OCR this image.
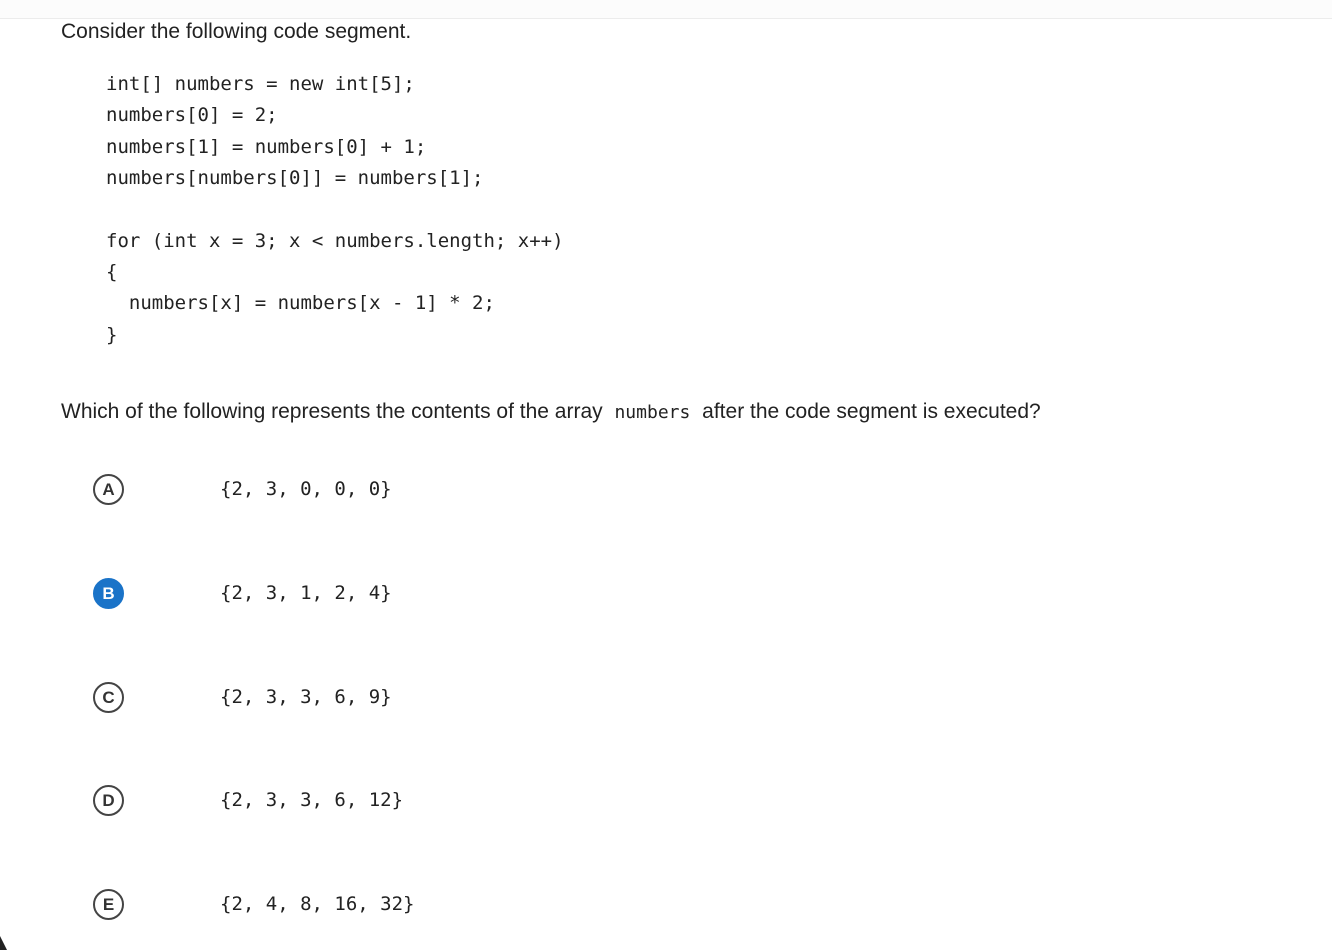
Consider the following code segment.
int[] numbers = new int[5];
numbers[0] = 2;
numbers[1] = numbers[0] + 1;
numbers[numbers[0]] = numbers[1];
for (int x = 3; x < numbers.length; x++)
{
numbers[x] = numbers[x - 1] * 2;
}
Which of the following represents the contents of the array numbers after the code segment is executed?
A	{2, 3, 0, 0, 0}
B	{2, 3, 1, 2, 4}
C	{2, 3, 3, 6, 9}
D	{2, 3, 3, 6, 12}
E	{2, 4, 8, 16, 32}
